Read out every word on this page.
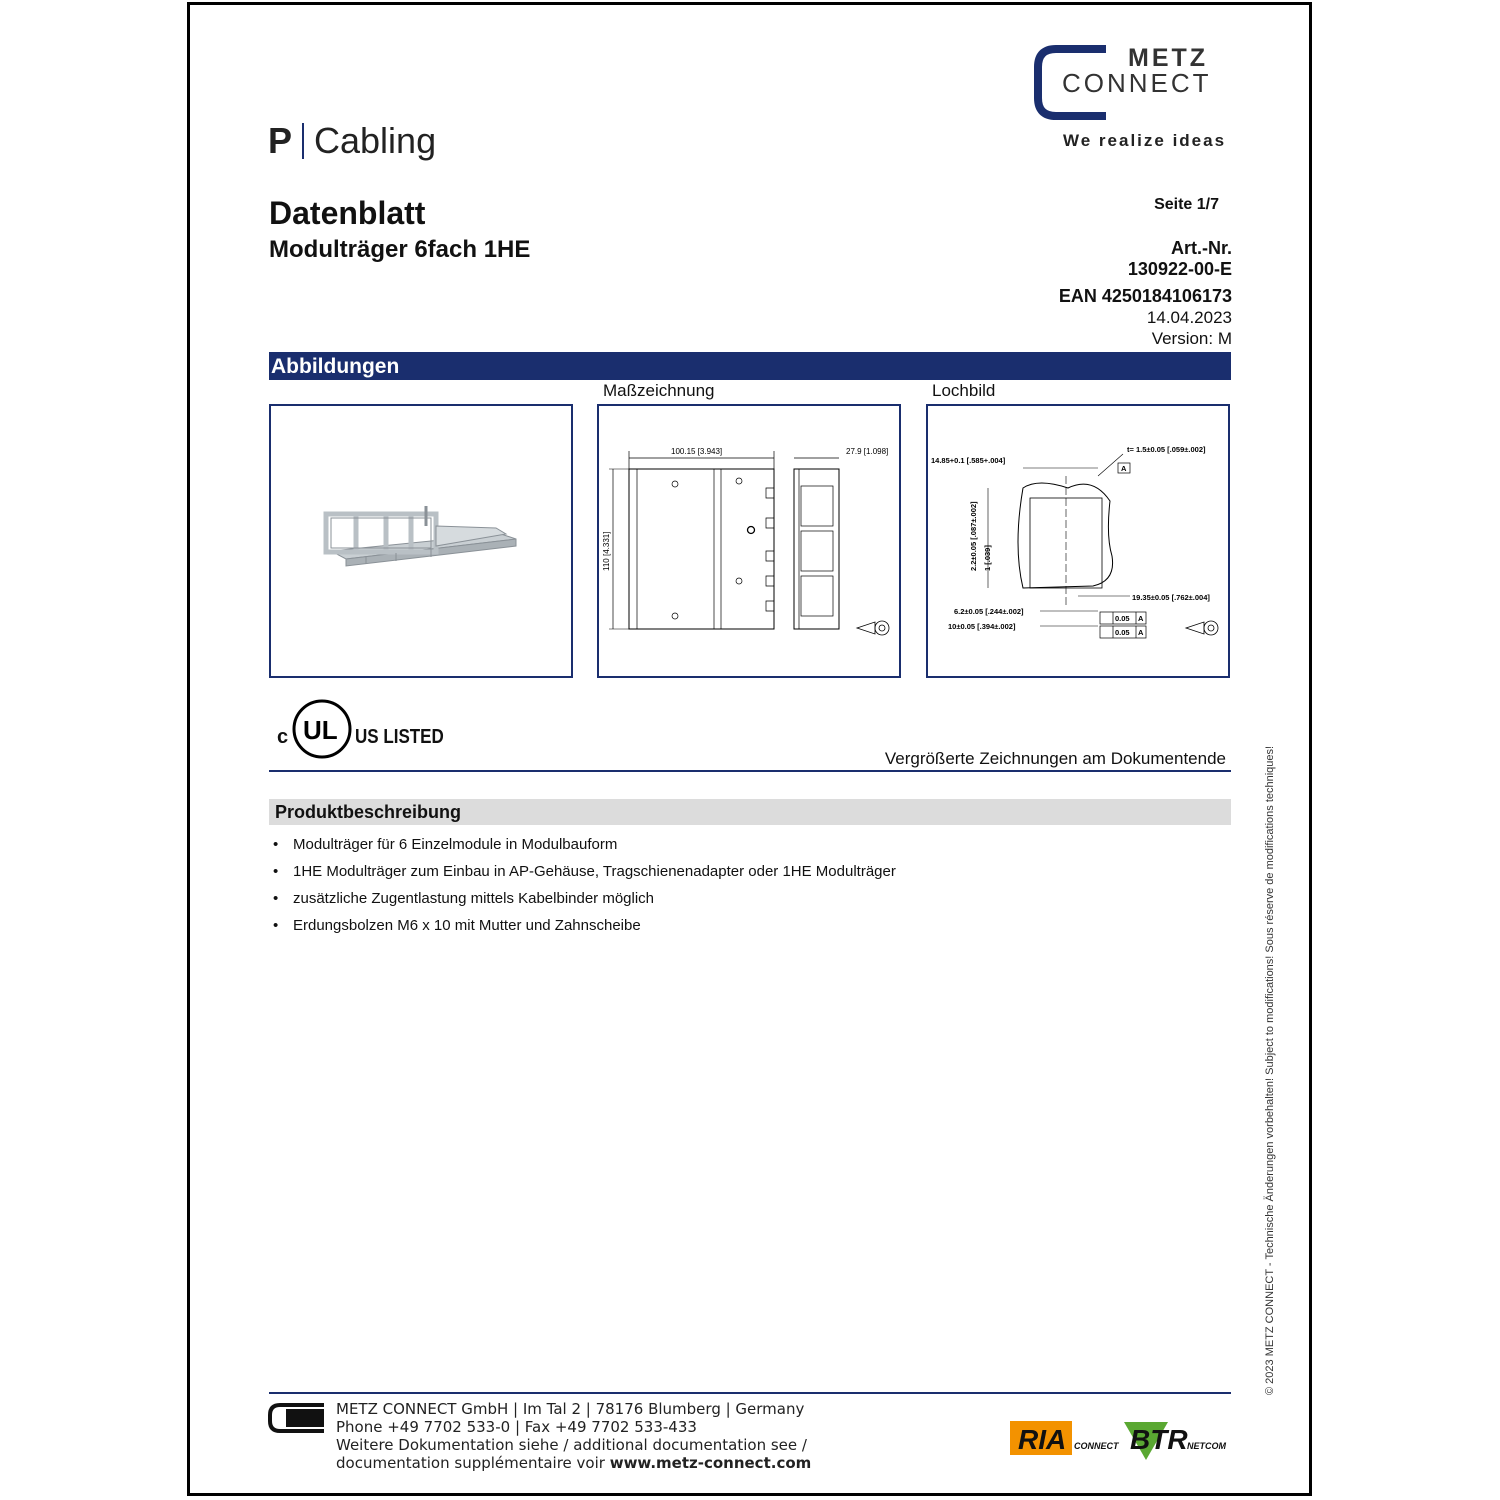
METZ
CONNECT
We realize ideas
P Cabling
Datenblatt
Modulträger 6fach 1HE
Seite 1/7
Art.-Nr.
130922-00-E
EAN 4250184106173
14.04.2023
Version: M
Abbildungen
Maßzeichnung	Lochbild
100.15 [3.943]
110 [4.331]
27.9 [1.098]	t= 1.5±0.05 [.059±.002]
14.85+0.1 [.585+.004]
A
2.2±0.05 [.087±.002] 1 [.039]
19.35±0.05 [.762±.004]
6.2±0.05 [.244±.002]
10±0.05 [.394±.002]
0.05 A
0.05 A
c UL US LISTED
Vergrößerte Zeichnungen am Dokumentende
Produktbeschreibung
• Modulträger für 6 Einzelmodule in Modulbauform
• 1HE Modulträger zum Einbau in AP-Gehäuse, Tragschienenadapter oder 1HE Modulträger
• zusätzliche Zugentlastung mittels Kabelbinder möglich
• Erdungsbolzen M6 x 10 mit Mutter und Zahnscheibe
METZ CONNECT GmbH | Im Tal 2 | 78176 Blumberg | Germany
Phone +49 7702 533-0 | Fax +49 7702 533-433
Weitere Dokumentation siehe / additional documentation see /
documentation supplémentaire voir www.metz-connect.com
RIA CONNECT BTR NETCOM
© 2023 METZ CONNECT - Technische Änderungen vorbehalten! Subject to modifications! Sous réserve de modifications techniques!
